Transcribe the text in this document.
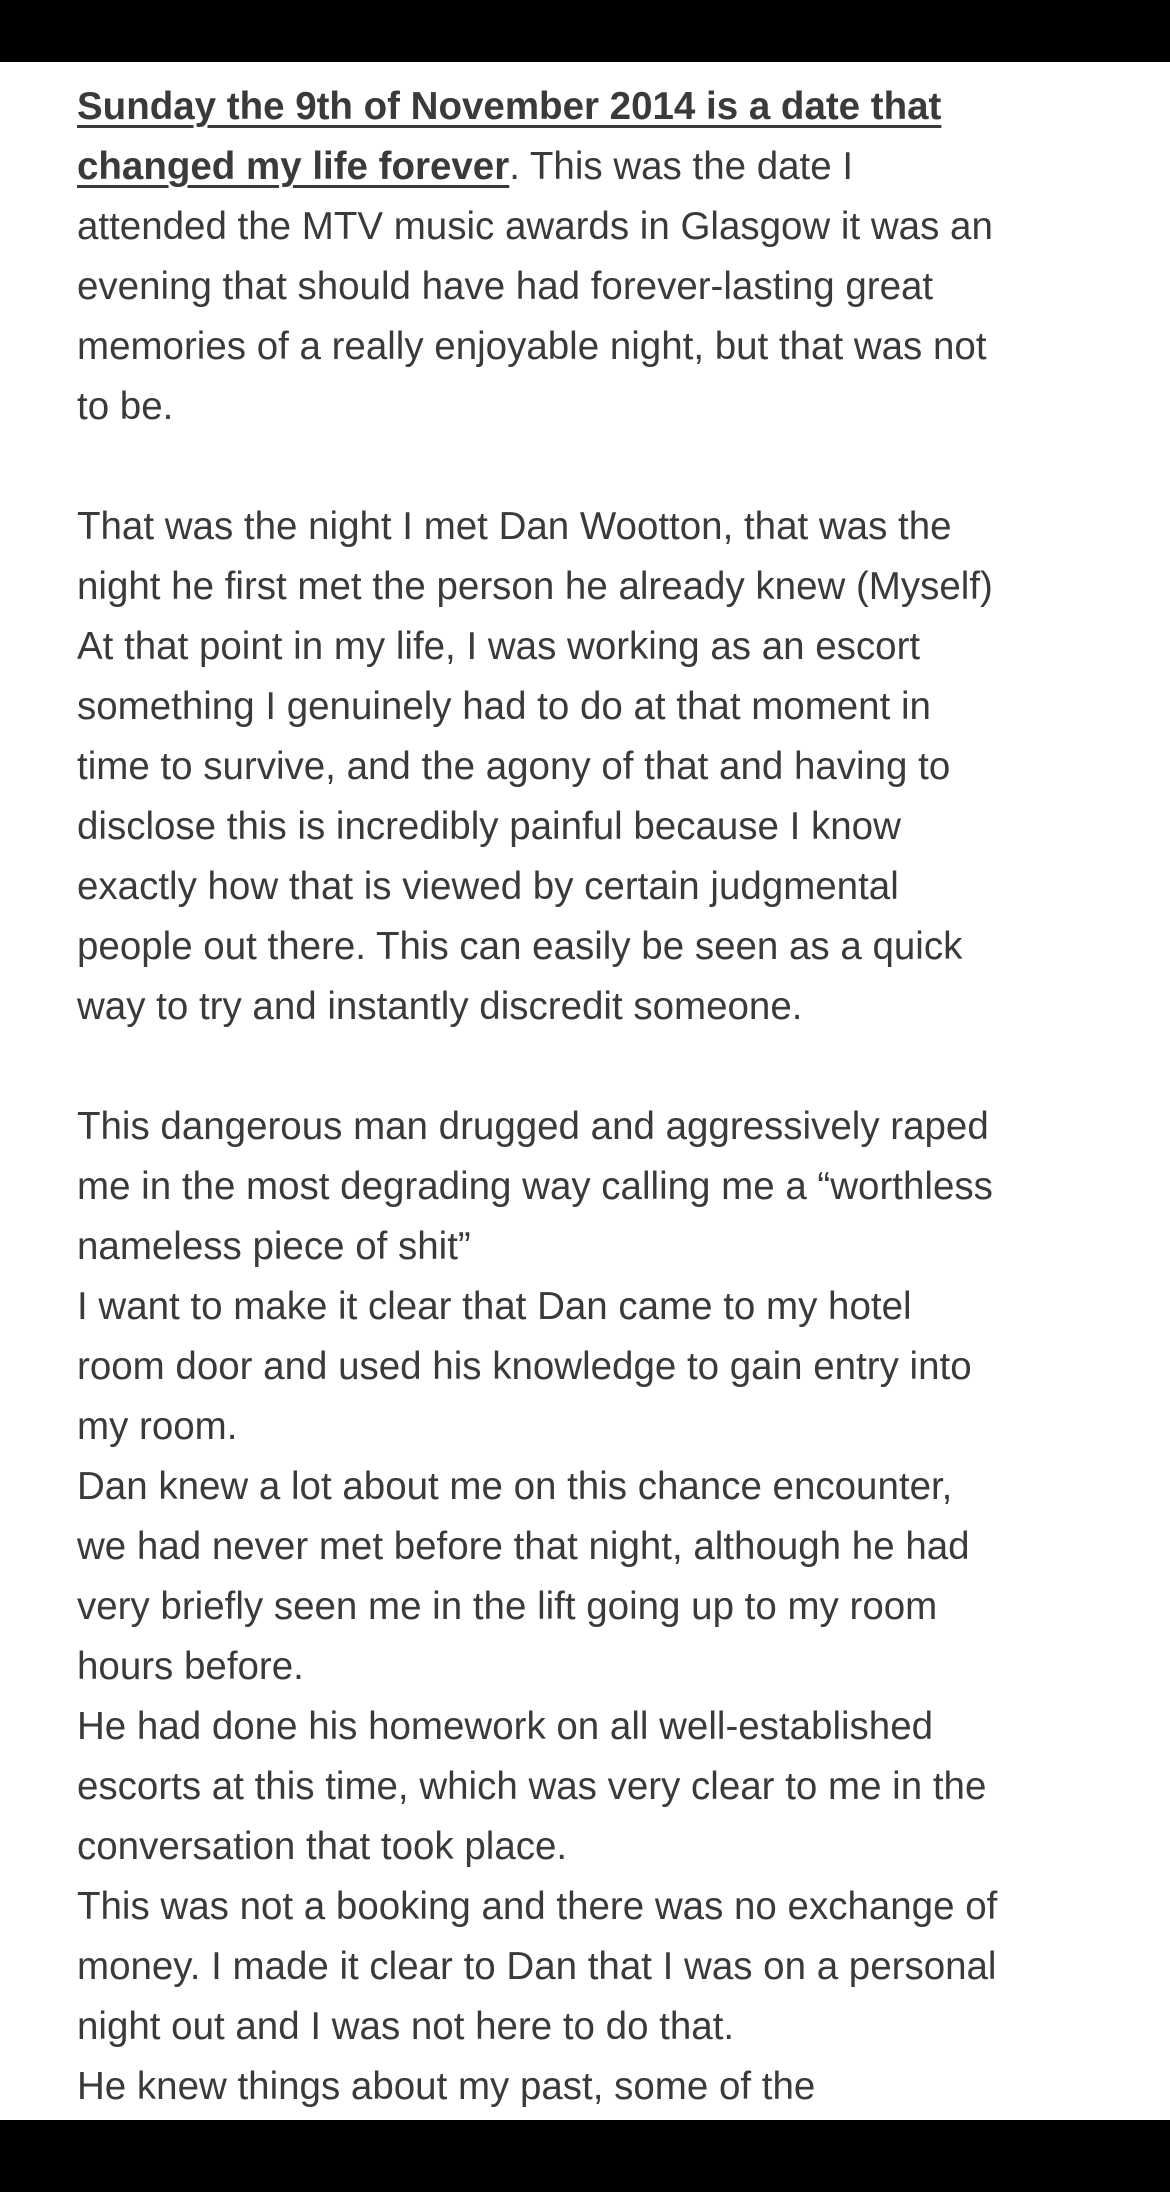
Sunday the 9th of November 2014 is a date that
changed my life forever. This was the date I
attended the MTV music awards in Glasgow it was an
evening that should have had forever-lasting great
memories of a really enjoyable night, but that was not
to be.
That was the night I met Dan Wootton, that was the
night he first met the person he already knew (Myself)
At that point in my life, I was working as an escort
something I genuinely had to do at that moment in
time to survive, and the agony of that and having to
disclose this is incredibly painful because I know
exactly how that is viewed by certain judgmental
people out there. This can easily be seen as a quick
way to try and instantly discredit someone.
This dangerous man drugged and aggressively raped
me in the most degrading way calling me a “worthless
nameless piece of shit”
I want to make it clear that Dan came to my hotel
room door and used his knowledge to gain entry into
my room.
Dan knew a lot about me on this chance encounter,
we had never met before that night, although he had
very briefly seen me in the lift going up to my room
hours before.
He had done his homework on all well-established
escorts at this time, which was very clear to me in the
conversation that took place.
This was not a booking and there was no exchange of
money. I made it clear to Dan that I was on a personal
night out and I was not here to do that.
He knew things about my past, some of the
